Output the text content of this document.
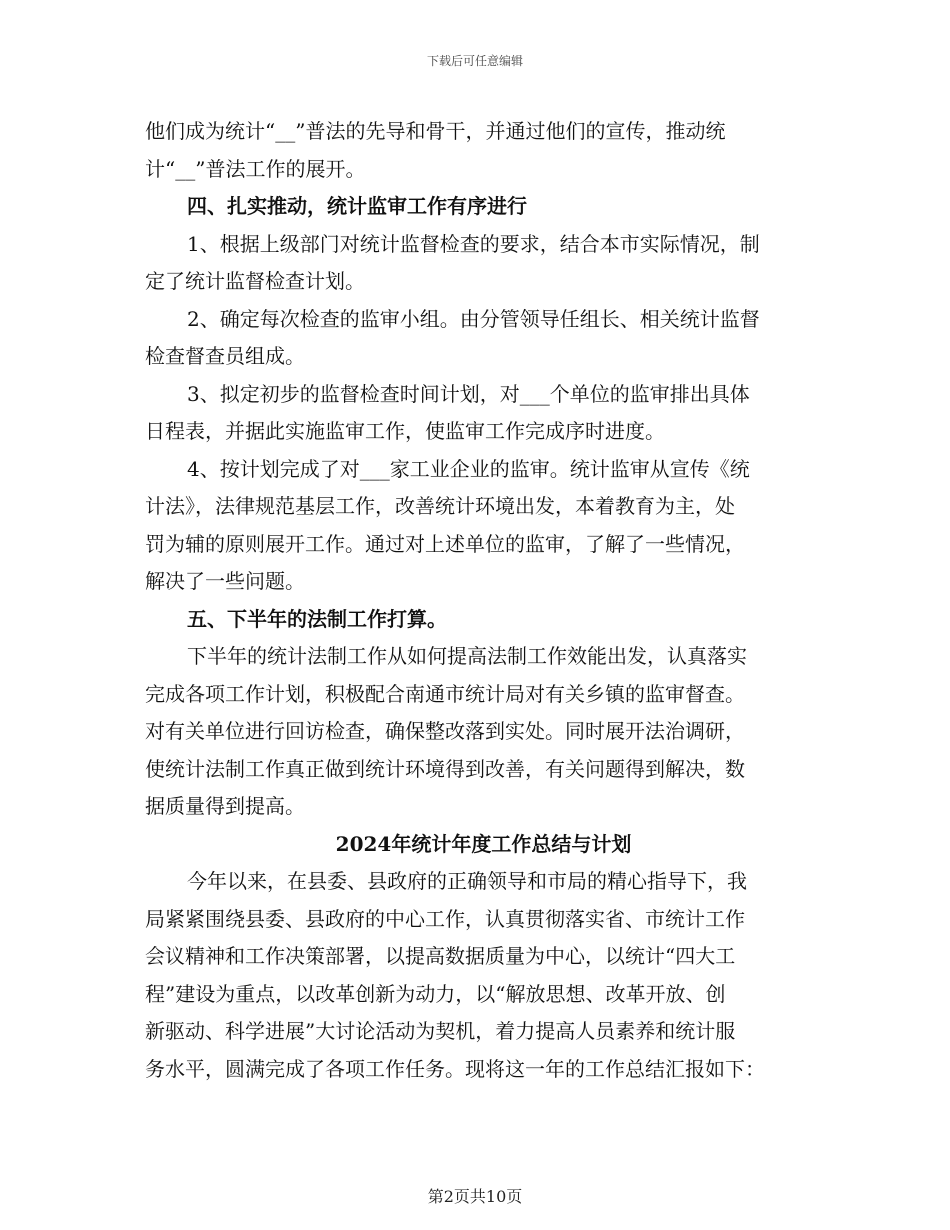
下载后可任意编辑
他们成为统计“__”普法的先导和骨干，并通过他们的宣传，推动统
计“__”普法工作的展开。
四、扎实推动，统计监审工作有序进行
1、根据上级部门对统计监督检查的要求，结合本市实际情况，制
定了统计监督检查计划。
2、确定每次检查的监审小组。由分管领导任组长、相关统计监督
检查督查员组成。
3、拟定初步的监督检查时间计划，对___个单位的监审排出具体
日程表，并据此实施监审工作，使监审工作完成序时进度。
4、按计划完成了对___家工业企业的监审。统计监审从宣传《统
计法》，法律规范基层工作，改善统计环境出发，本着教育为主，处
罚为辅的原则展开工作。通过对上述单位的监审，了解了一些情况，
解决了一些问题。
五、下半年的法制工作打算。
下半年的统计法制工作从如何提高法制工作效能出发，认真落实
完成各项工作计划，积极配合南通市统计局对有关乡镇的监审督查。
对有关单位进行回访检查，确保整改落到实处。同时展开法治调研，
使统计法制工作真正做到统计环境得到改善，有关问题得到解决，数
据质量得到提高。
2024年统计年度工作总结与计划
今年以来，在县委、县政府的正确领导和市局的精心指导下，我
局紧紧围绕县委、县政府的中心工作，认真贯彻落实省、市统计工作
会议精神和工作决策部署，以提高数据质量为中心，以统计“四大工
程”建设为重点，以改革创新为动力，以“解放思想、改革开放、创
新驱动、科学进展”大讨论活动为契机，着力提高人员素养和统计服
务水平，圆满完成了各项工作任务。现将这一年的工作总结汇报如下：
第2页共10页
